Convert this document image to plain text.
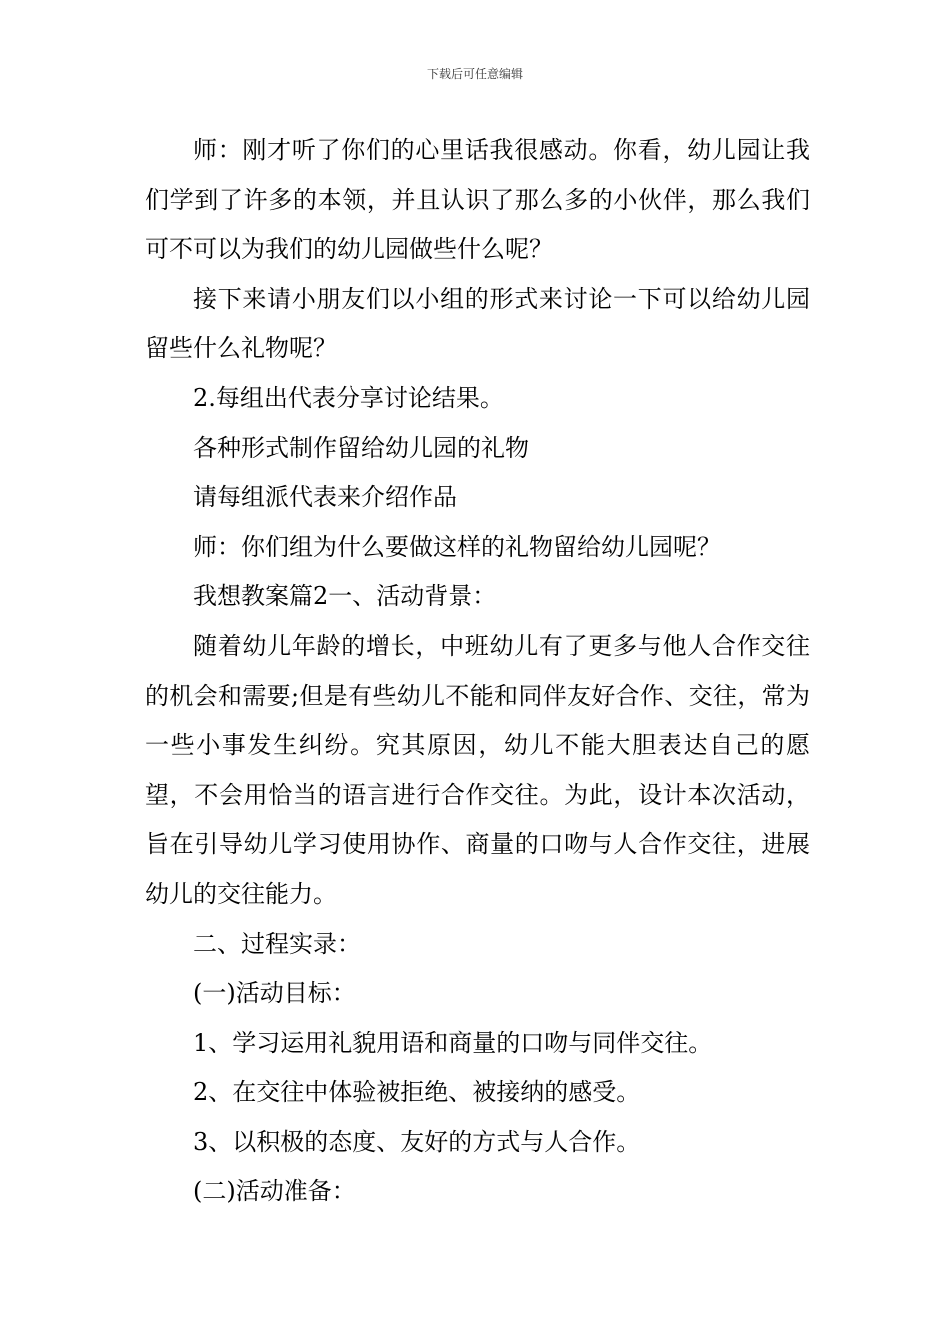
下载后可任意编辑

师：刚才听了你们的心里话我很感动。你看，幼儿园让我们学到了许多的本领，并且认识了那么多的小伙伴，那么我们可不可以为我们的幼儿园做些什么呢？

接下来请小朋友们以小组的形式来讨论一下可以给幼儿园留些什么礼物呢？

2.每组出代表分享讨论结果。

各种形式制作留给幼儿园的礼物

请每组派代表来介绍作品

师：你们组为什么要做这样的礼物留给幼儿园呢？

我想教案篇2一、活动背景：

随着幼儿年龄的增长，中班幼儿有了更多与他人合作交往的机会和需要;但是有些幼儿不能和同伴友好合作、交往，常为一些小事发生纠纷。究其原因，幼儿不能大胆表达自己的愿望，不会用恰当的语言进行合作交往。为此，设计本次活动，旨在引导幼儿学习使用协作、商量的口吻与人合作交往，进展幼儿的交往能力。

二、过程实录：

(一)活动目标：

1、学习运用礼貌用语和商量的口吻与同伴交往。

2、在交往中体验被拒绝、被接纳的感受。

3、以积极的态度、友好的方式与人合作。

(二)活动准备：
